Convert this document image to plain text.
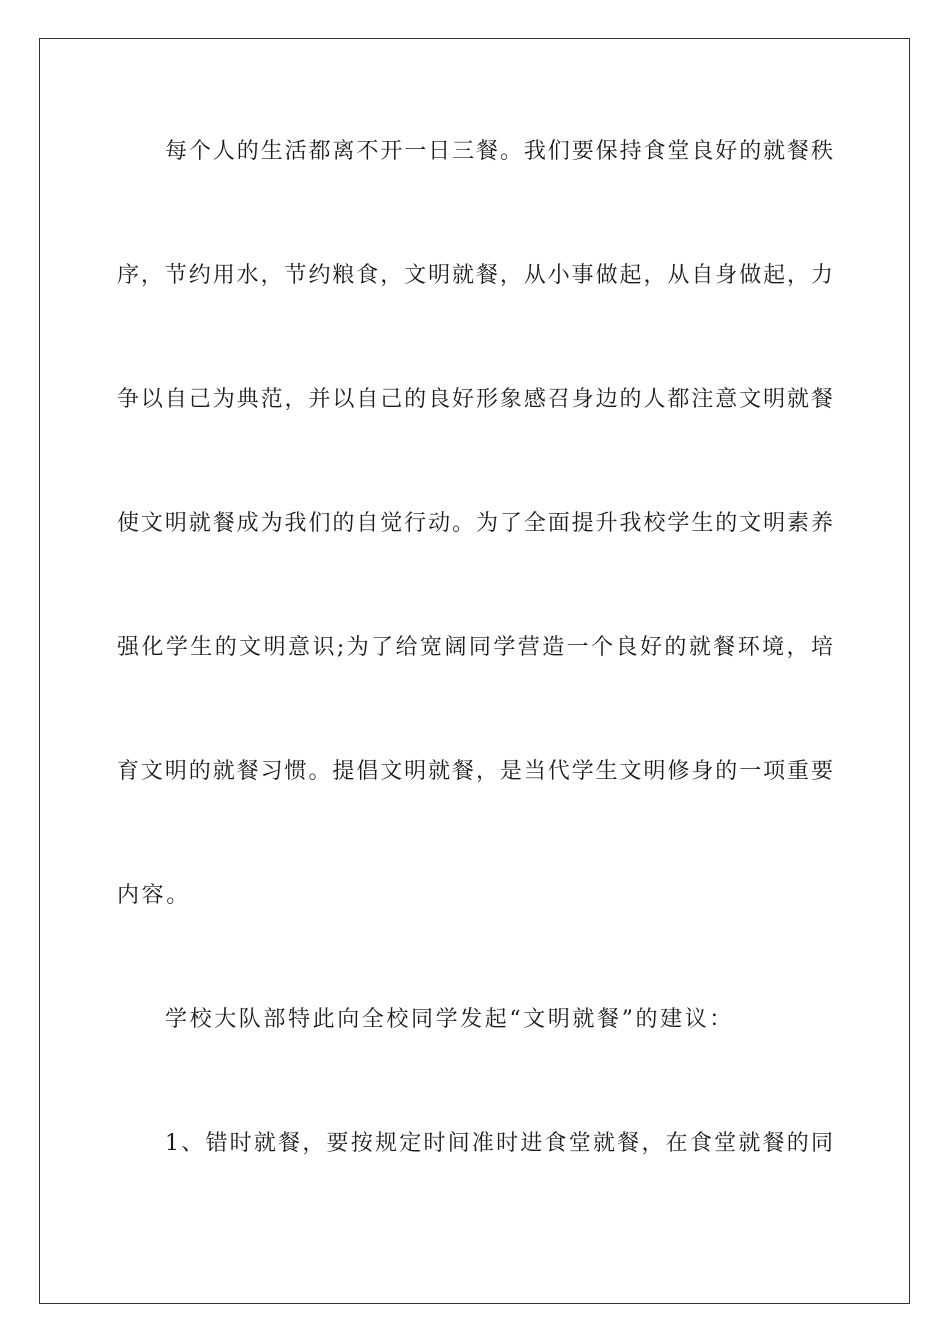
每个人的生活都离不开一日三餐。我们要保持食堂良好的就餐秩
序，节约用水，节约粮食，文明就餐，从小事做起，从自身做起，力
争以自己为典范，并以自己的良好形象感召身边的人都注意文明就餐
使文明就餐成为我们的自觉行动。为了全面提升我校学生的文明素养
强化学生的文明意识;为了给宽阔同学营造一个良好的就餐环境，培
育文明的就餐习惯。提倡文明就餐，是当代学生文明修身的一项重要
内容。
学校大队部特此向全校同学发起“文明就餐”的建议：
1、错时就餐，要按规定时间准时进食堂就餐，在食堂就餐的同
